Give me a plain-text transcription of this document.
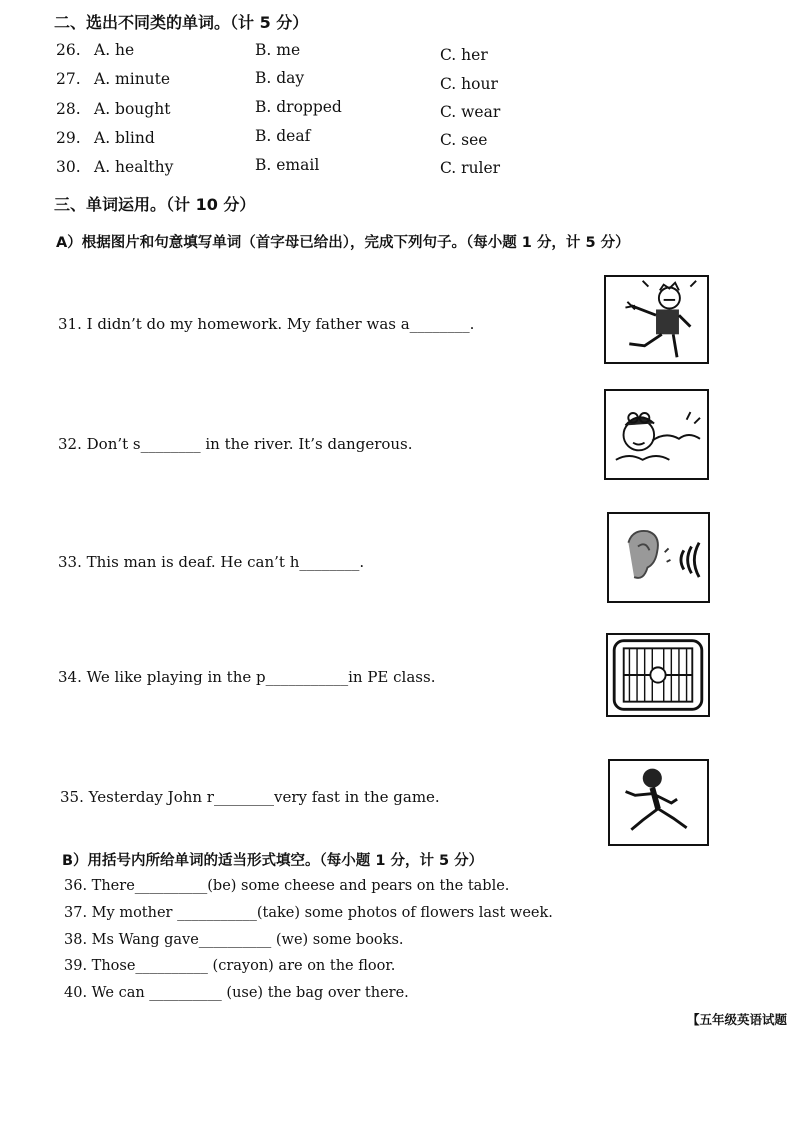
二、选出不同类的单词。（计 5 分）
26. A. he	B. me	C. her
27. A. minute	B. day	C. hour
28. A. bought	B. dropped	C. wear
29. A. blind	B. deaf	C. see
30. A. healthy	B. email	C. ruler
三、单词运用。（计 10 分）
A）根据图片和句意填写单词（首字母已给出），完成下列句子。（每小题 1 分，计 5 分）
31. I didn’t do my homework. My father was a________.
32. Don’t s________ in the river. It’s dangerous.
33. This man is deaf. He can’t h________.
34. We like playing in the p___________in PE class.
35. Yesterday John r________very fast in the game.
B）用括号内所给单词的适当形式填空。（每小题 1 分，计 5 分）
36. There__________(be) some cheese and pears on the table.
37. My mother ___________(take) some photos of flowers last week.
38. Ms Wang gave__________ (we) some books.
39. Those__________ (crayon) are on the floor.
40. We can __________ (use) the bag over there.
【五年级英语试题
